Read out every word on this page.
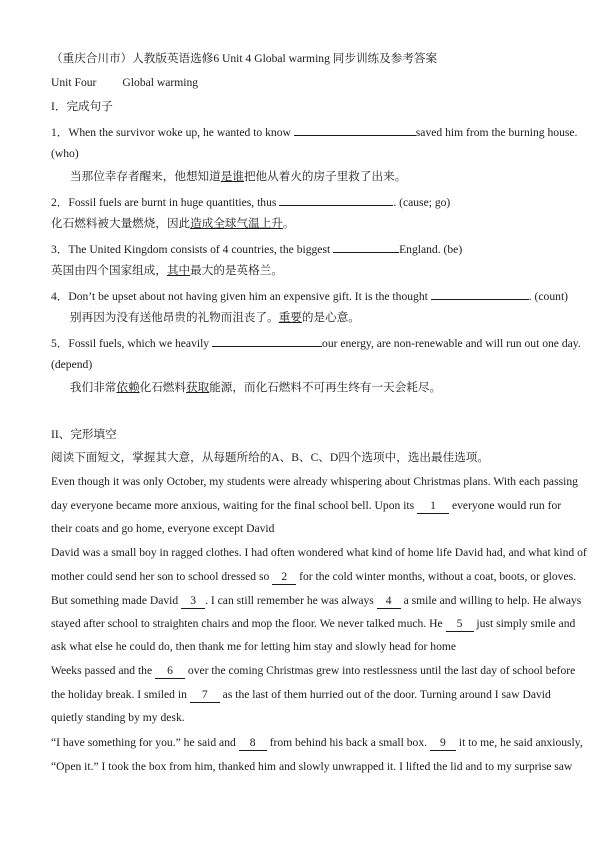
（重庆合川市）人教版英语选修6 Unit 4 Global warming 同步训练及参考答案
Unit Four Global warming
I．完成句子
1．When the survivor woke up, he wanted to know	saved him from the burning house.
(who)
当那位幸存者醒来，他想知道是谁把他从着火的房子里救了出来。
2．Fossil fuels are burnt in huge quantities, thus	. (cause; go)
化石燃料被大量燃烧，因此造成全球气温上升。
3．The United Kingdom consists of 4 countries, the biggest	England. (be)
英国由四个国家组成，其中最大的是英格兰。
4．Don’t be upset about not having given him an expensive gift. It is the thought	. (count)
别再因为没有送他昂贵的礼物而沮丧了。重要的是心意。
5．Fossil fuels, which we heavily	our energy, are non-renewable and will run out one day.
(depend)
我们非常依赖化石燃料获取能源，而化石燃料不可再生终有一天会耗尽。
II、完形填空
阅读下面短文，掌握其大意，从每题所给的A、B、C、D四个选项中，选出最佳选项。
Even though it was only October, my students were already whispering about Christmas plans. With each passing
day everyone became more anxious, waiting for the final school bell. Upon its 1 everyone would run for
their coats and go home, everyone except David
David was a small boy in ragged clothes. I had often wondered what kind of home life David had, and what kind of
mother could send her son to school dressed so 2 for the cold winter months, without a coat, boots, or gloves.
But something made David 3 . I can still remember he was always 4 a smile and willing to help. He always
stayed after school to straighten chairs and mop the floor. We never talked much. He 5 just simply smile and
ask what else he could do, then thank me for letting him stay and slowly head for home
Weeks passed and the 6 over the coming Christmas grew into restlessness until the last day of school before
the holiday break. I smiled in 7 as the last of them hurried out of the door. Turning around I saw David
quietly standing by my desk.
“I have something for you.” he said and 8 from behind his back a small box. 9 it to me, he said anxiously,
“Open it.” I took the box from him, thanked him and slowly unwrapped it. I lifted the lid and to my surprise saw
